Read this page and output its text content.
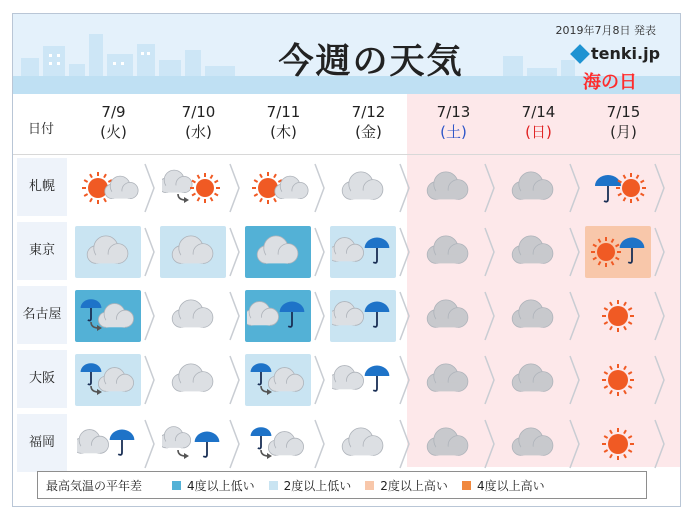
今週の天気
2019年7月8日 発表
tenki.jp
海の日
日付
7/9
(火)
7/10
(水)
7/11
(木)
7/12
(金)
7/13
(土)
7/14
(日)
7/15
(月)
札幌
東京
名古屋
大阪
福岡
最高気温の平年差	4度以上低い 2度以上低い 2度以上高い 4度以上高い
